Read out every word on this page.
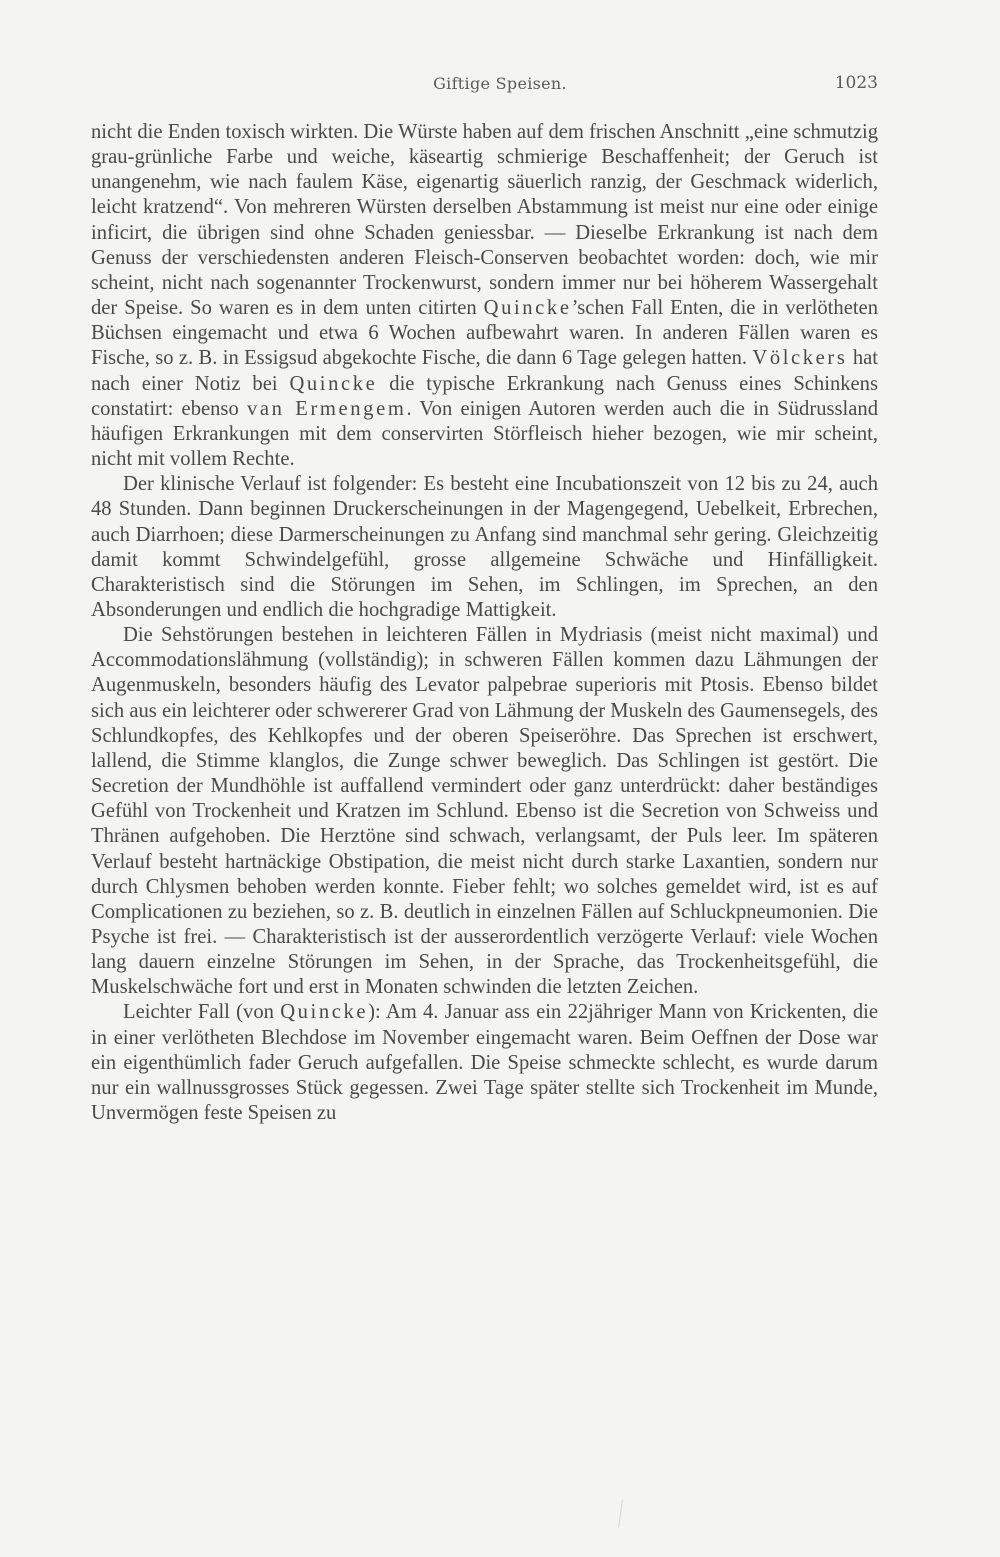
Giftige Speisen.	1023

nicht die Enden toxisch wirkten. Die Würste haben auf dem frischen Anschnitt „eine schmutzig grau-grünliche Farbe und weiche, käseartig schmierige Beschaffenheit; der Geruch ist unangenehm, wie nach faulem Käse, eigenartig säuerlich ranzig, der Geschmack widerlich, leicht kratzend“. Von mehreren Würsten derselben Abstammung ist meist nur eine oder einige inficirt, die übrigen sind ohne Schaden geniessbar. — Dieselbe Erkrankung ist nach dem Genuss der verschiedensten anderen Fleisch-Conserven beobachtet worden: doch, wie mir scheint, nicht nach sogenannter Trockenwurst, sondern immer nur bei höherem Wassergehalt der Speise. So waren es in dem unten citirten Quincke’schen Fall Enten, die in verlötheten Büchsen eingemacht und etwa 6 Wochen aufbewahrt waren. In anderen Fällen waren es Fische, so z. B. in Essigsud abgekochte Fische, die dann 6 Tage gelegen hatten. Völckers hat nach einer Notiz bei Quincke die typische Erkrankung nach Genuss eines Schinkens constatirt: ebenso van Ermengem. Von einigen Autoren werden auch die in Südrussland häufigen Erkrankungen mit dem conservirten Störfleisch hieher bezogen, wie mir scheint, nicht mit vollem Rechte.

Der klinische Verlauf ist folgender: Es besteht eine Incubationszeit von 12 bis zu 24, auch 48 Stunden. Dann beginnen Druckerscheinungen in der Magengegend, Uebelkeit, Erbrechen, auch Diarrhoen; diese Darmerscheinungen zu Anfang sind manchmal sehr gering. Gleichzeitig damit kommt Schwindelgefühl, grosse allgemeine Schwäche und Hinfälligkeit. Charakteristisch sind die Störungen im Sehen, im Schlingen, im Sprechen, an den Absonderungen und endlich die hochgradige Mattigkeit.

Die Sehstörungen bestehen in leichteren Fällen in Mydriasis (meist nicht maximal) und Accommodationslähmung (vollständig); in schweren Fällen kommen dazu Lähmungen der Augenmuskeln, besonders häufig des Levator palpebrae superioris mit Ptosis. Ebenso bildet sich aus ein leichterer oder schwererer Grad von Lähmung der Muskeln des Gaumensegels, des Schlundkopfes, des Kehlkopfes und der oberen Speiseröhre. Das Sprechen ist erschwert, lallend, die Stimme klanglos, die Zunge schwer beweglich. Das Schlingen ist gestört. Die Secretion der Mundhöhle ist auffallend vermindert oder ganz unterdrückt: daher beständiges Gefühl von Trockenheit und Kratzen im Schlund. Ebenso ist die Secretion von Schweiss und Thränen aufgehoben. Die Herztöne sind schwach, verlangsamt, der Puls leer. Im späteren Verlauf besteht hartnäckige Obstipation, die meist nicht durch starke Laxantien, sondern nur durch Chlysmen behoben werden konnte. Fieber fehlt; wo solches gemeldet wird, ist es auf Complicationen zu beziehen, so z. B. deutlich in einzelnen Fällen auf Schluckpneumonien. Die Psyche ist frei. — Charakteristisch ist der ausserordentlich verzögerte Verlauf: viele Wochen lang dauern einzelne Störungen im Sehen, in der Sprache, das Trockenheitsgefühl, die Muskelschwäche fort und erst in Monaten schwinden die letzten Zeichen.

Leichter Fall (von Quincke): Am 4. Januar ass ein 22jähriger Mann von Krickenten, die in einer verlötheten Blechdose im November eingemacht waren. Beim Oeffnen der Dose war ein eigenthümlich fader Geruch aufgefallen. Die Speise schmeckte schlecht, es wurde darum nur ein wallnussgrosses Stück gegessen. Zwei Tage später stellte sich Trockenheit im Munde, Unvermögen feste Speisen zu
